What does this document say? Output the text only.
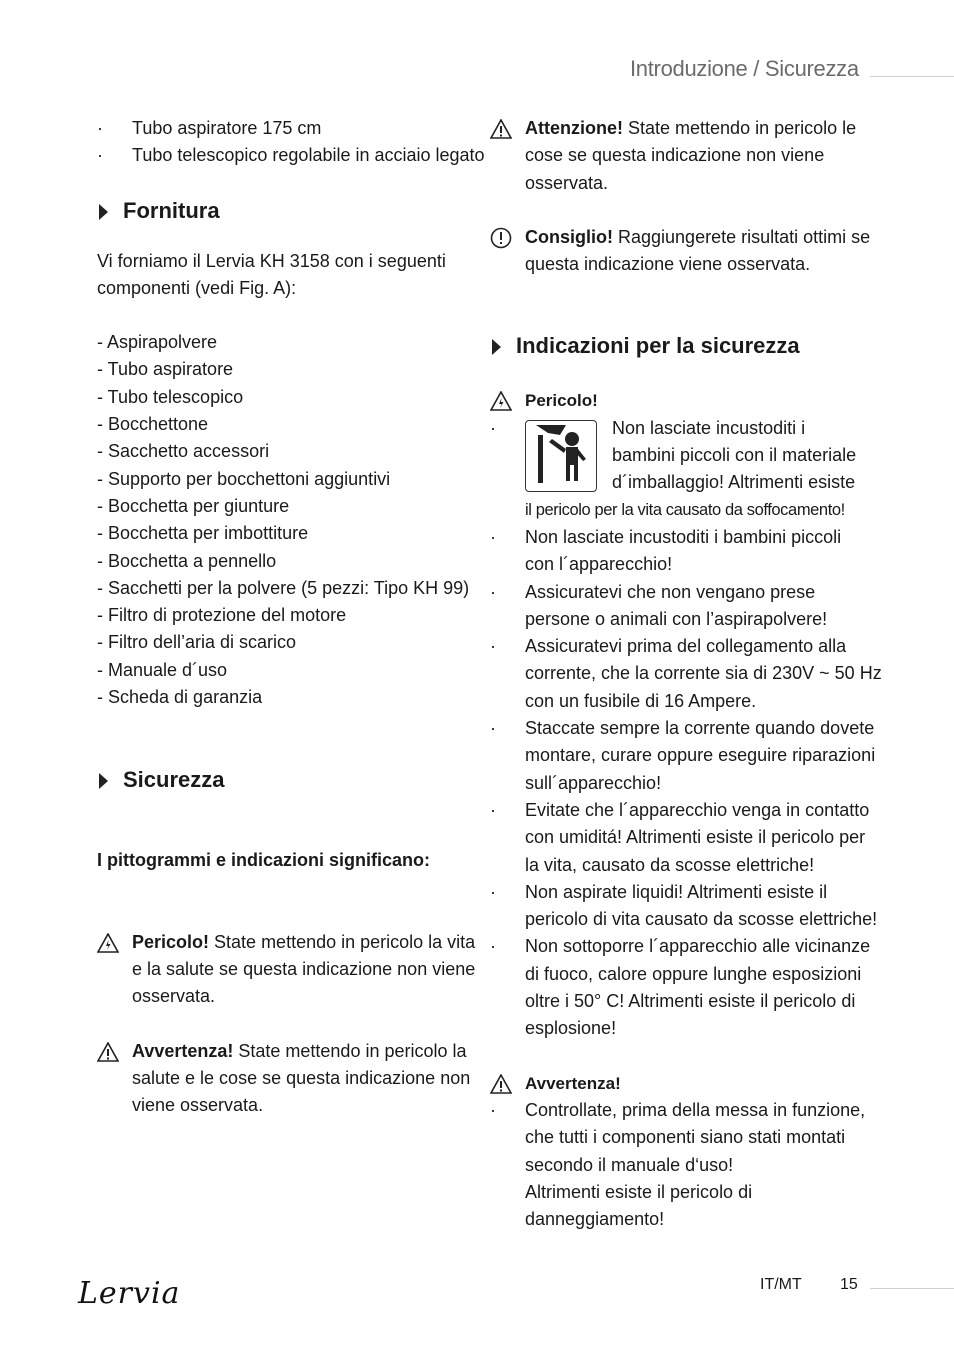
Introduzione / Sicurezza
· Tubo aspiratore 175 cm
· Tubo telescopico regolabile in acciaio legato
Fornitura
Vi forniamo il Lervia KH 3158 con i seguenti
componenti (vedi Fig. A):
- Aspirapolvere
- Tubo aspiratore
- Tubo telescopico
- Bocchettone
- Sacchetto accessori
- Supporto per bocchettoni aggiuntivi
- Bocchetta per giunture
- Bocchetta per imbottiture
- Bocchetta a pennello
- Sacchetti per la polvere (5 pezzi: Tipo KH 99)
- Filtro di protezione del motore
- Filtro dell’aria di scarico
- Manuale d´uso
- Scheda di garanzia
Sicurezza
I pittogrammi e indicazioni significano:
Pericolo! State mettendo in pericolo la vita
e la salute se questa indicazione non viene
osservata.
Avvertenza! State mettendo in pericolo la
salute e le cose se questa indicazione non
viene osservata.
Attenzione! State mettendo in pericolo le
cose se questa indicazione non viene
osservata.
Consiglio! Raggiungerete risultati ottimi se
questa indicazione viene osservata.
Indicazioni per la sicurezza
Pericolo!
·	Non lasciate incustoditi i
bambini piccoli con il materiale
d´imballaggio! Altrimenti esiste
il pericolo per la vita causato da soffocamento!
·	Non lasciate incustoditi i bambini piccoli
con l´apparecchio!
·	Assicuratevi che non vengano prese
persone o animali con l’aspirapolvere!
·	Assicuratevi prima del collegamento alla
corrente, che la corrente sia di 230V ~ 50 Hz
con un fusibile di 16 Ampere.
·	Staccate sempre la corrente quando dovete
montare, curare oppure eseguire riparazioni
sull´apparecchio!
·	Evitate che l´apparecchio venga in contatto
con umiditá! Altrimenti esiste il pericolo per
la vita, causato da scosse elettriche!
·	Non aspirate liquidi! Altrimenti esiste il
pericolo di vita causato da scosse elettriche!
·	Non sottoporre l´apparecchio alle vicinanze
di fuoco, calore oppure lunghe esposizioni
oltre i 50° C! Altrimenti esiste il pericolo di
esplosione!
Avvertenza!
·	Controllate, prima della messa in funzione,
che tutti i componenti siano stati montati
secondo il manuale d‘uso!
Altrimenti esiste il pericolo di
danneggiamento!
Lervia	IT/MT 15
